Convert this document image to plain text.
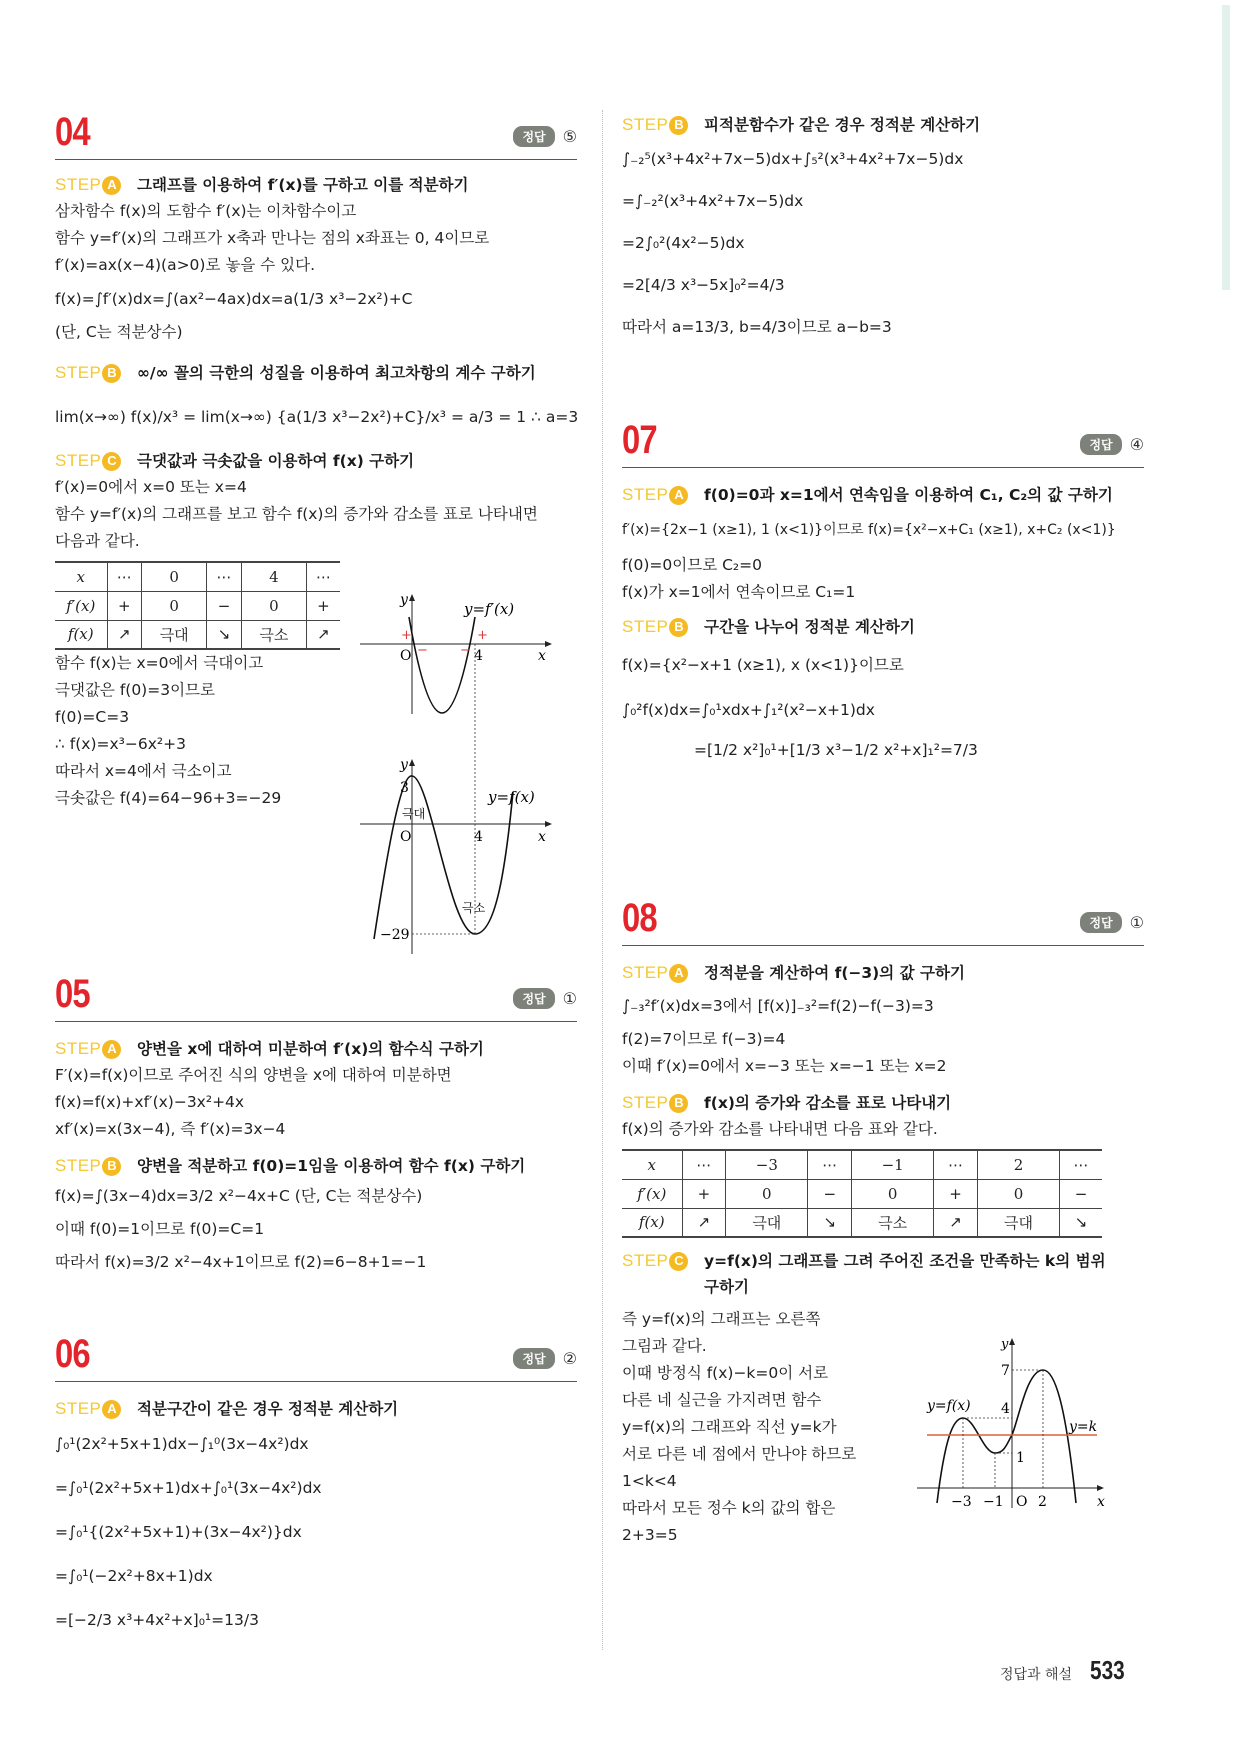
04	정답	⑤
STEP A	그래프를 이용하여 f′(x)를 구하고 이를 적분하기
삼차함수 f(x)의 도함수 f′(x)는 이차함수이고
함수 y=f′(x)의 그래프가 x축과 만나는 점의 x좌표는 0, 4이므로
f′(x)=ax(x−4)(a>0)로 놓을 수 있다.
f(x)=∫f′(x)dx=∫(ax²−4ax)dx=a(1/3 x³−2x²)+C
(단, C는 적분상수)
STEP B	∞/∞ 꼴의 극한의 성질을 이용하여 최고차항의 계수 구하기
lim(x→∞) f(x)/x³ = lim(x→∞) {a(1/3 x³−2x²)+C}/x³ = a/3 = 1 ∴ a=3
STEP C	극댓값과 극솟값을 이용하여 f(x) 구하기
f′(x)=0에서 x=0 또는 x=4
함수 y=f′(x)의 그래프를 보고 함수 f(x)의 증가와 감소를 표로 나타내면
다음과 같다.
x	⋯	0	⋯	4	⋯
f′(x)	+	0	−	0	+
f(x)	↗	극대	↘	극소	↗
함수 f(x)는 x=0에서 극대이고
극댓값은 f(0)=3이므로
f(0)=C=3
∴ f(x)=x³−6x²+3
따라서 x=4에서 극소이고
극솟값은 f(4)=64−96+3=−29
y	y=f′(x)
O	4	x
+
− −
+
y
3	y=f(x)
극대
O	4	x
극소
−29
05	정답	①
STEP A	양변을 x에 대하여 미분하여 f′(x)의 함수식 구하기
F′(x)=f(x)이므로 주어진 식의 양변을 x에 대하여 미분하면
f(x)=f(x)+xf′(x)−3x²+4x
xf′(x)=x(3x−4), 즉 f′(x)=3x−4
STEP B	양변을 적분하고 f(0)=1임을 이용하여 함수 f(x) 구하기
f(x)=∫(3x−4)dx=3/2 x²−4x+C (단, C는 적분상수)
이때 f(0)=1이므로 f(0)=C=1
따라서 f(x)=3/2 x²−4x+1이므로 f(2)=6−8+1=−1
06	정답	②
STEP A	적분구간이 같은 경우 정적분 계산하기
∫₀¹(2x²+5x+1)dx−∫₁⁰(3x−4x²)dx
=∫₀¹(2x²+5x+1)dx+∫₀¹(3x−4x²)dx
=∫₀¹{(2x²+5x+1)+(3x−4x²)}dx
=∫₀¹(−2x²+8x+1)dx
=[−2/3 x³+4x²+x]₀¹=13/3
STEP B	피적분함수가 같은 경우 정적분 계산하기
∫₋₂⁵(x³+4x²+7x−5)dx+∫₅²(x³+4x²+7x−5)dx
=∫₋₂²(x³+4x²+7x−5)dx
=2∫₀²(4x²−5)dx
=2[4/3 x³−5x]₀²=4/3
따라서 a=13/3, b=4/3이므로 a−b=3
07	정답	④
STEP A	f(0)=0과 x=1에서 연속임을 이용하여 C₁, C₂의 값 구하기
f′(x)={2x−1 (x≥1), 1 (x<1)}이므로 f(x)={x²−x+C₁ (x≥1), x+C₂ (x<1)}
f(0)=0이므로 C₂=0
f(x)가 x=1에서 연속이므로 C₁=1
STEP B	구간을 나누어 정적분 계산하기
f(x)={x²−x+1 (x≥1), x (x<1)}이므로
∫₀²f(x)dx=∫₀¹xdx+∫₁²(x²−x+1)dx
=[1/2 x²]₀¹+[1/3 x³−1/2 x²+x]₁²=7/3
08	정답	①
STEP A	정적분을 계산하여 f(−3)의 값 구하기
∫₋₃²f′(x)dx=3에서 [f(x)]₋₃²=f(2)−f(−3)=3
f(2)=7이므로 f(−3)=4
이때 f′(x)=0에서 x=−3 또는 x=−1 또는 x=2
STEP B	f(x)의 증가와 감소를 표로 나타내기
f(x)의 증가와 감소를 나타내면 다음 표와 같다.
x	⋯	−3	⋯	−1	⋯	2	⋯
f′(x)	+	0	−	0	+	0	−
f(x)	↗	극대	↘	극소	↗	극대	↘
STEP C	y=f(x)의 그래프를 그려 주어진 조건을 만족하는 k의 범위
구하기
즉 y=f(x)의 그래프는 오른쪽
그림과 같다.
이때 방정식 f(x)−k=0이 서로
다른 네 실근을 가지려면 함수
y=f(x)의 그래프와 직선 y=k가
서로 다른 네 점에서 만나야 하므로
1<k<4
따라서 모든 정수 k의 값의 합은
2+3=5
y
7
4
1
y=f(x)
y=k
−3 −1 O 2	x
정답과 해설 533
